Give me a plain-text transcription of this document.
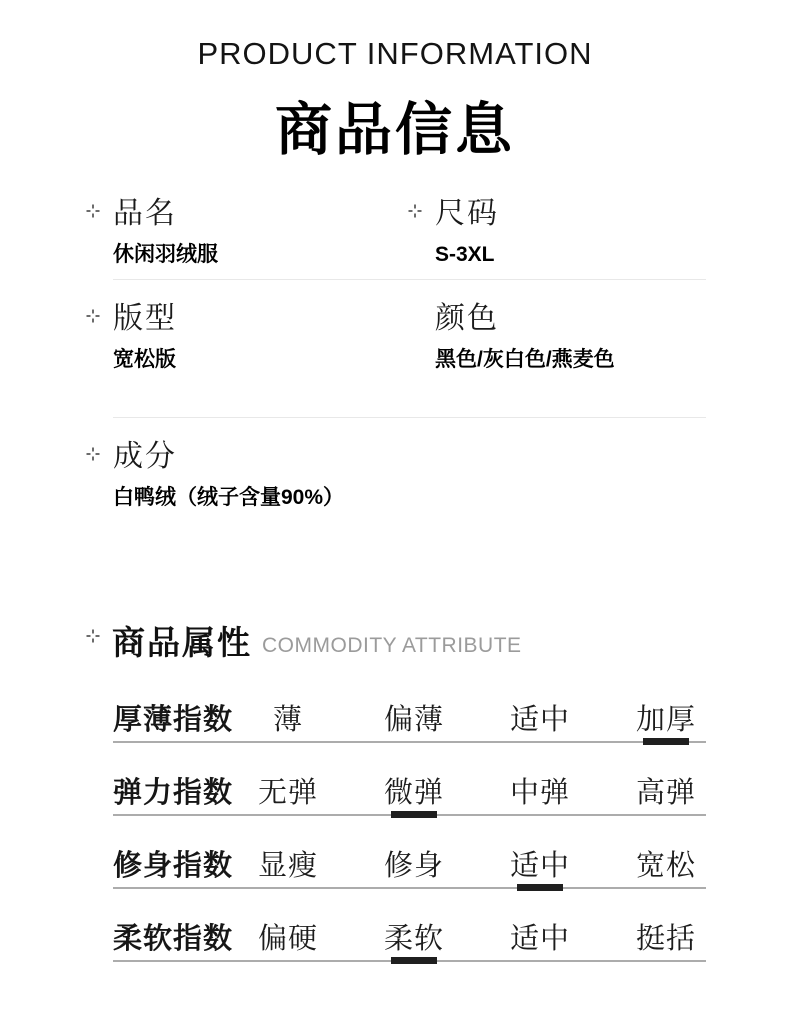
PRODUCT INFORMATION
商品信息
品名
休闲羽绒服
尺码
S-3XL
版型
宽松版
颜色
黑色/灰白色/燕麦色
成分
白鸭绒（绒子含量90%）
商品属性 COMMODITY ATTRIBUTE
厚薄指数	薄	偏薄	适中	加厚
弹力指数 无弹	微弹	中弹	高弹
修身指数 显瘦	修身	适中	宽松
柔软指数 偏硬	柔软	适中	挺括
